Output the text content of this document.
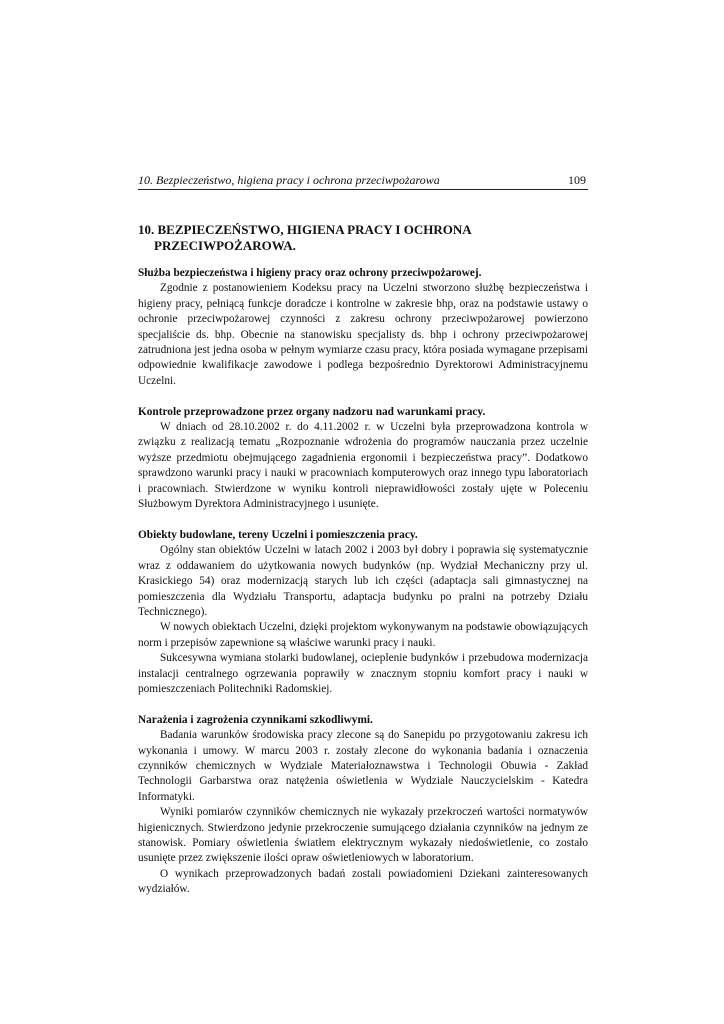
10. Bezpieczeństwo, higiena pracy i ochrona przeciwpożarowa	109
10. BEZPIECZEŃSTWO, HIGIENA PRACY I OCHRONA
PRZECIWPOŻAROWA.
Służba bezpieczeństwa i higieny pracy oraz ochrony przeciwpożarowej.

Zgodnie z postanowieniem Kodeksu pracy na Uczelni stworzono służbę bezpieczeństwa i higieny pracy, pełniącą funkcje doradcze i kontrolne w zakresie bhp, oraz na podstawie ustawy o ochronie przeciwpożarowej czynności z zakresu ochrony przeciwpożarowej powierzono specjaliście ds. bhp. Obecnie na stanowisku specjalisty ds. bhp i ochrony przeciwpożarowej zatrudniona jest jedna osoba w pełnym wymiarze czasu pracy, która posiada wymagane przepisami odpowiednie kwalifikacje zawodowe i podlega bezpośrednio Dyrektorowi Administracyjnemu Uczelni.

Kontrole przeprowadzone przez organy nadzoru nad warunkami pracy.

W dniach od 28.10.2002 r. do 4.11.2002 r. w Uczelni była przeprowadzona kontrola w związku z realizacją tematu „Rozpoznanie wdrożenia do programów nauczania przez uczelnie wyższe przedmiotu obejmującego zagadnienia ergonomii i bezpieczeństwa pracy”. Dodatkowo sprawdzono warunki pracy i nauki w pracowniach komputerowych oraz innego typu laboratoriach i pracowniach. Stwierdzone w wyniku kontroli nieprawidłowości zostały ujęte w Poleceniu Służbowym Dyrektora Administracyjnego i usunięte.

Obiekty budowlane, tereny Uczelni i pomieszczenia pracy.

Ogólny stan obiektów Uczelni w latach 2002 i 2003 był dobry i poprawia się systematycznie wraz z oddawaniem do użytkowania nowych budynków (np. Wydział Mechaniczny przy ul. Krasickiego 54) oraz modernizacją starych lub ich części (adaptacja sali gimnastycznej na pomieszczenia dla Wydziału Transportu, adaptacja budynku po pralni na potrzeby Działu Technicznego).

W nowych obiektach Uczelni, dzięki projektom wykonywanym na podstawie obowiązujących norm i przepisów zapewnione są właściwe warunki pracy i nauki.

Sukcesywna wymiana stolarki budowlanej, ocieplenie budynków i przebudowa modernizacja instalacji centralnego ogrzewania poprawiły w znacznym stopniu komfort pracy i nauki w pomieszczeniach Politechniki Radomskiej.

Narażenia i zagrożenia czynnikami szkodliwymi.

Badania warunków środowiska pracy zlecone są do Sanepidu po przygotowaniu zakresu ich wykonania i umowy. W marcu 2003 r. zostały zlecone do wykonania badania i oznaczenia czynników chemicznych w Wydziale Materiałoznawstwa i Technologii Obuwia - Zakład Technologii Garbarstwa oraz natężenia oświetlenia w Wydziale Nauczycielskim - Katedra Informatyki.

Wyniki pomiarów czynników chemicznych nie wykazały przekroczeń wartości normatywów higienicznych. Stwierdzono jedynie przekroczenie sumującego działania czynników na jednym ze stanowisk. Pomiary oświetlenia światłem elektrycznym wykazały niedoświetlenie, co zostało usunięte przez zwiększenie ilości opraw oświetleniowych w laboratorium.

O wynikach przeprowadzonych badań zostali powiadomieni Dziekani zainteresowanych wydziałów.
